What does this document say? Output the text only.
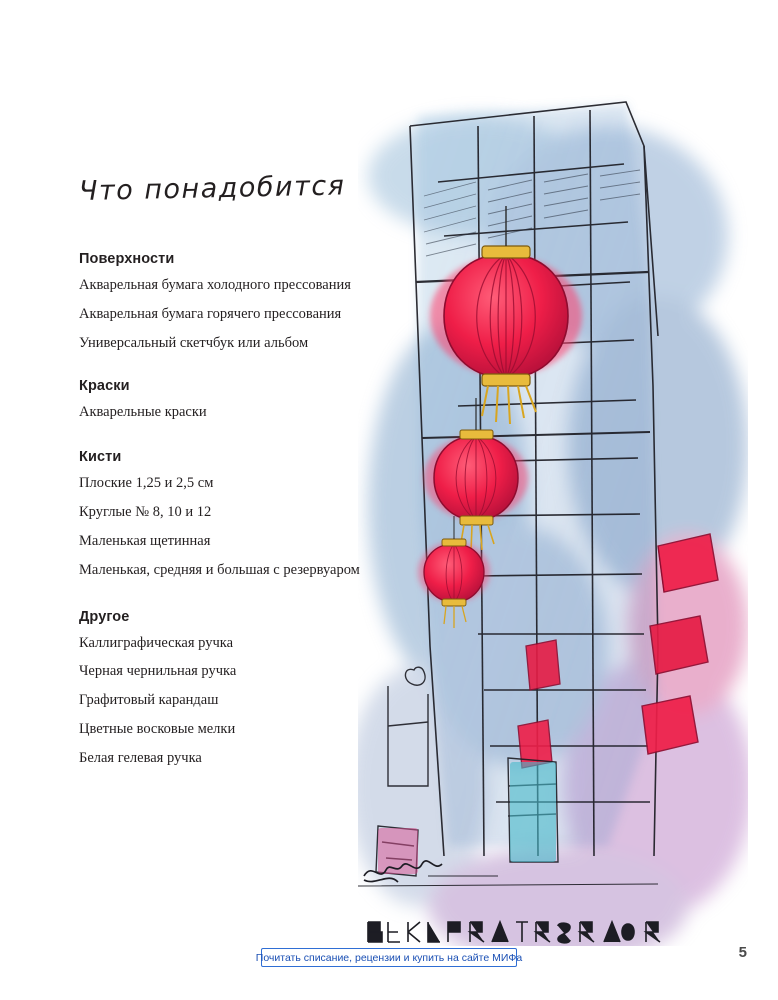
Что понадобится
Поверхности

Акварельная бумага холодного прессования

Акварельная бумага горячего прессования

Универсальный скетчбук или альбом

Краски

Акварельные краски

Кисти

Плоские 1,25 и 2,5 см

Круглые № 8, 10 и 12

Маленькая щетинная

Маленькая, средняя и большая с резервуаром

Другое

Каллиграфическая ручка

Черная чернильная ручка

Графитовый карандаш

Цветные восковые мелки

Белая гелевая ручка

Почитать списание, рецензии и купить на сайте МИФа	5
